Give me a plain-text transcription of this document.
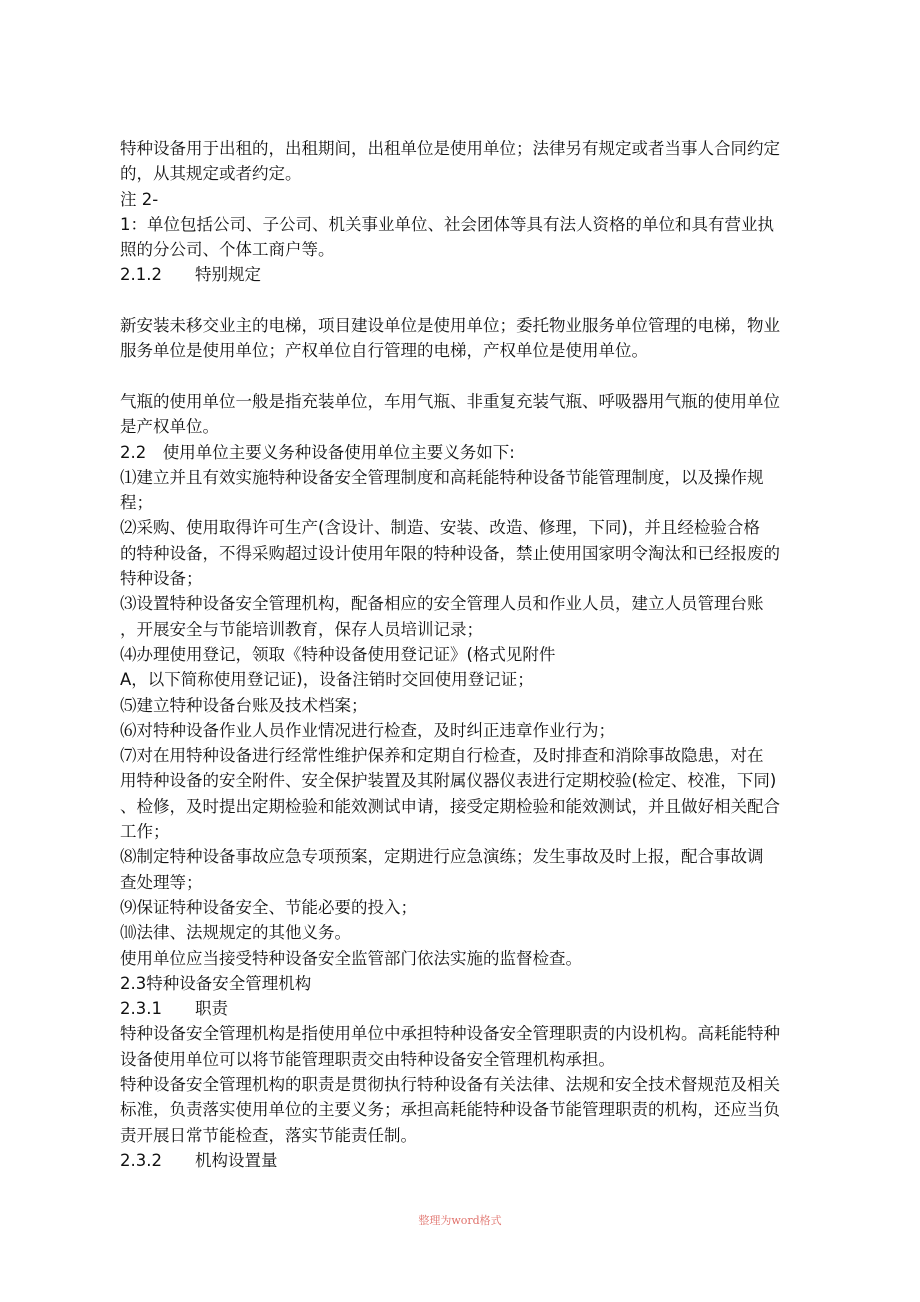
特种设备用于出租的，出租期间，出租单位是使用单位；法律另有规定或者当事人合同约定
的，从其规定或者约定。
注 2-
1：单位包括公司、子公司、机关事业单位、社会团体等具有法人资格的单位和具有营业执
照的分公司、个体工商户等。
2.1.2　　特别规定
新安装未移交业主的电梯，项目建设单位是使用单位；委托物业服务单位管理的电梯，物业
服务单位是使用单位；产权单位自行管理的电梯，产权单位是使用单位。
气瓶的使用单位一般是指充装单位，车用气瓶、非重复充装气瓶、呼吸器用气瓶的使用单位
是产权单位。
2.2　使用单位主要义务种设备使用单位主要义务如下:
⑴建立并且有效实施特种设备安全管理制度和高耗能特种设备节能管理制度，以及操作规
程；
⑵采购、使用取得许可生产(含设计、制造、安装、改造、修理，下同)，并且经检验合格
的特种设备，不得采购超过设计使用年限的特种设备，禁止使用国家明令淘汰和已经报废的
特种设备；
⑶设置特种设备安全管理机构，配备相应的安全管理人员和作业人员，建立人员管理台账
，开展安全与节能培训教育，保存人员培训记录；
⑷办理使用登记，领取《特种设备使用登记证》(格式见附件
A，以下简称使用登记证)，设备注销时交回使用登记证；
⑸建立特种设备台账及技术档案；
⑹对特种设备作业人员作业情况进行检查，及时纠正违章作业行为；
⑺对在用特种设备进行经常性维护保养和定期自行检查，及时排查和消除事故隐患，对在
用特种设备的安全附件、安全保护装置及其附属仪器仪表进行定期校验(检定、校准，下同)
、检修，及时提出定期检验和能效测试申请，接受定期检验和能效测试，并且做好相关配合
工作；
⑻制定特种设备事故应急专项预案，定期进行应急演练；发生事故及时上报，配合事故调
查处理等；
⑼保证特种设备安全、节能必要的投入；
⑽法律、法规规定的其他义务。
使用单位应当接受特种设备安全监管部门依法实施的监督检查。
2.3特种设备安全管理机构
2.3.1　　职责
特种设备安全管理机构是指使用单位中承担特种设备安全管理职责的内设机构。高耗能特种
设备使用单位可以将节能管理职责交由特种设备安全管理机构承担。
特种设备安全管理机构的职责是贯彻执行特种设备有关法律、法规和安全技术督规范及相关
标准，负责落实使用单位的主要义务；承担高耗能特种设备节能管理职责的机构，还应当负
责开展日常节能检查，落实节能责任制。
2.3.2　　机构设置量
整理为word格式
